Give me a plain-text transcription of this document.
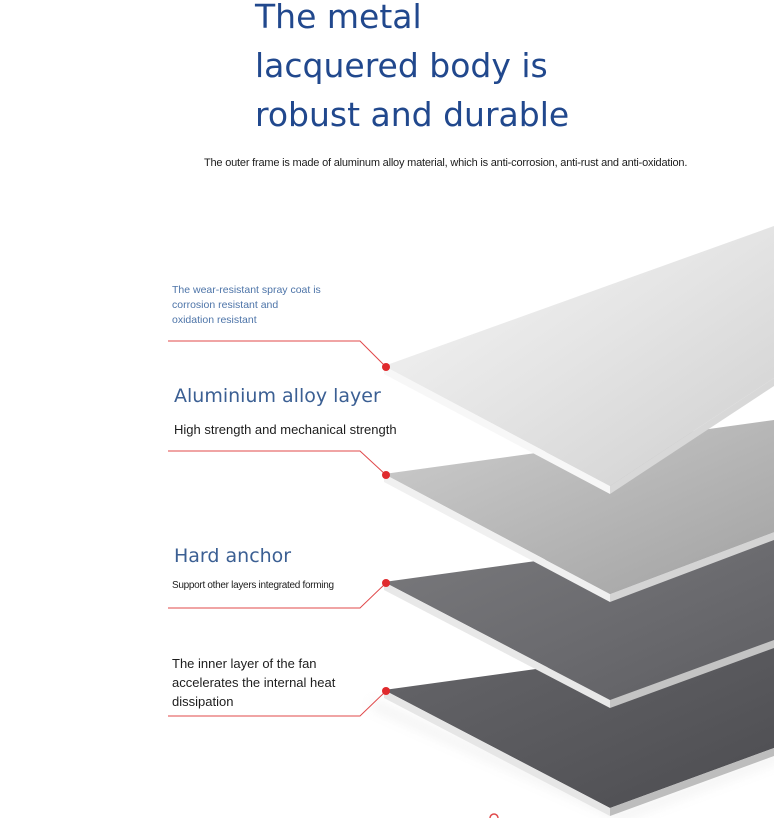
The metal lacquered body is robust and durable

The outer frame is made of aluminum alloy material, which is anti-corrosion, anti-rust and anti-oxidation.

The wear-resistant spray coat is corrosion resistant and oxidation resistant

Aluminium alloy layer

High strength and mechanical strength

Hard anchor

Support other layers integrated forming

The inner layer of the fan accelerates the internal heat dissipation
